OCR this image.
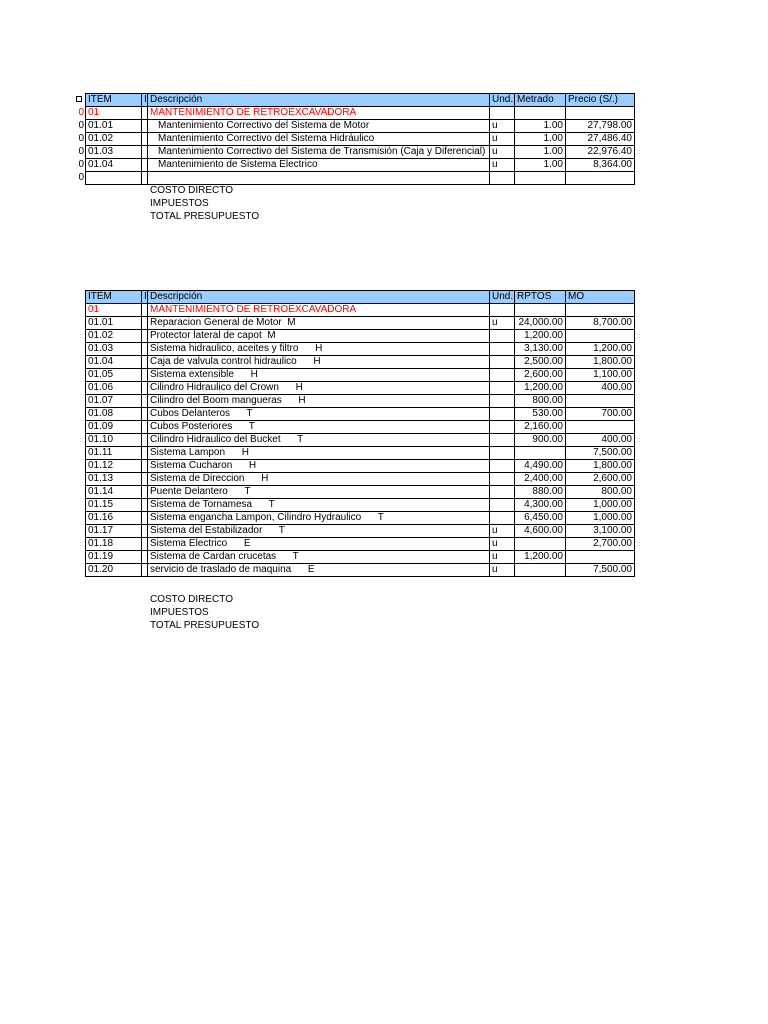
0
0
0
0
0
0
ITEM	I	Descripción	Und.	Metrado	Precio (S/.)
01		MANTENIMIENTO DE RETROEXCAVADORA			
01.01		Mantenimiento Correctivo del Sistema de Motor	u	1.00	27,798.00
01.02		Mantenimiento Correctivo del Sistema Hidráulico	u	1.00	27,486.40
01.03		Mantenimiento Correctivo del Sistema de Transmisión (Caja y Diferencial)	u	1.00	22,976.40
01.04		Mantenimiento de Sistema Electrico	u	1.00	8,364.00

COSTO DIRECTO
IMPUESTOS
TOTAL PRESUPUESTO
ITEM	I	Descripción	Und.	RPTOS	MO
01		MANTENIMIENTO DE RETROEXCAVADORA			
01.01		Reparacion General de Motor  M	u	24,000.00	8,700.00
01.02		Protector lateral de capot  M		1,200.00	
01.03		Sistema hidraulico, aceites y filtro      H		3,130.00	1,200.00
01.04		Caja de valvula control hidraulico      H		2,500.00	1,800.00
01.05		Sistema extensible      H		2,600.00	1,100.00
01.06		Cilindro Hidraulico del Crown      H		1,200.00	400.00
01.07		Cilindro del Boom mangueras      H		800.00	
01.08		Cubos Delanteros      T		530.00	700.00
01.09		Cubos Posteriores      T		2,160.00	
01.10		Cilindro Hidraulico del Bucket      T		900.00	400.00
01.11		Sistema Lampon      H			7,500.00
01.12		Sistema Cucharon      H		4,490.00	1,800.00
01.13		Sistema de Direccion      H		2,400.00	2,600.00
01.14		Puente Delantero      T		880.00	800.00
01.15		Sistema de Tornamesa      T		4,300.00	1,000.00
01.16		Sistema engancha Lampon, Cilindro Hydraulico      T		6,450.00	1,000.00
01.17		Sistema del Estabilizador      T	u	4,600.00	3,100.00
01.18		Sistema Electrico      E	u		2,700.00
01.19		Sistema de Cardan crucetas      T	u	1,200.00	
01.20		servicio de traslado de maquina      E	u		7,500.00
COSTO DIRECTO
IMPUESTOS
TOTAL PRESUPUESTO
